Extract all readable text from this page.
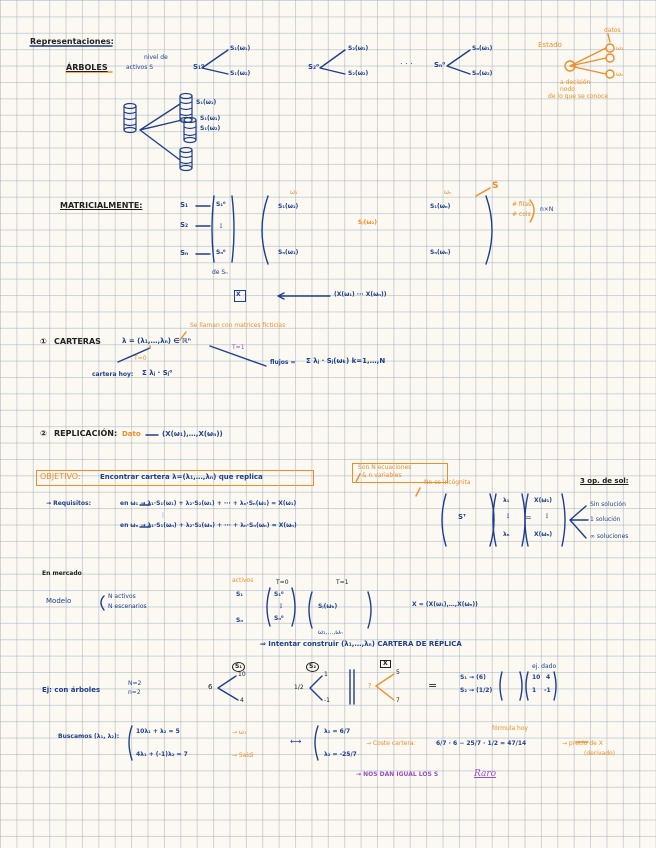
Representaciones:
ÁRBOLES
nivel de
activos S	S₁⁰
S₁(ω₁)
S₁(ω₂)
S₂⁰
S₂(ω₁)
S₂(ω₂)
. . .	Sₙ⁰
Sₙ(ω₁)
Sₙ(ω₂)
Estado
datos
ω₁
ωₙ
a decisión
nodo
de lo que se conoce
S₁(ω₁)
S₁(ω₁)
S₁(ω₂)
MATRICIALMENTE:	S₁
S₂
Sₙ
S₁⁰
⋮
Sₙ⁰
de Sₙ
ω₁	ωₙ
S
S₁(ω₁)	S₁(ωₙ)
Sⱼ(ω₂)
Sₙ(ω₁)	Sₙ(ωₙ)
# filas
# cols
n×N
X	(X(ω₁) ··· X(ωₙ))
① CARTERAS	λ = (λ₁,…,λₙ) ∈ ℝⁿ
Se llaman con matrices ficticias
T=0
T=1
cartera hoy: Σ λⱼ · Sⱼ⁰
flujos = Σ λⱼ · Sⱼ(ωₖ) k=1,…,N
② REPLICACIÓN: Dato	(X(ω₁),…,X(ωₙ))
OBJETIVO:	Encontrar cartera λ=(λ₁,…,λₙ) que replica
Son N ecuaciones
& n variables
No es incógnita
→ Requisitos:	en ω₁ → λ₁·S₁(ω₁) + λ₂·S₂(ω₁) + ··· + λₙ·Sₙ(ω₁) = X(ω₁)
⋮
en ωₙ → λ₁·S₁(ωₙ) + λ₂·S₂(ωₙ) + ··· + λₙ·Sₙ(ωₙ) = X(ωₙ)
Sᵀ
λ₁
⋮
λₙ
=
X(ω₁)
⋮
X(ωₙ)
3 op. de sol:
Sin solución
1 solución
∞ soluciones
En mercado
Modelo
N activos
N escenarios
activos	T=0	T=1
S₁
Sₙ
S₁⁰
⋮
Sₙ⁰
Sⱼ(ωₖ)
ω₁,…,ωₙ
X = (X(ω₁),…,X(ωₙ))
⇒ Intentar construir (λ₁,…,λₙ) CARTERA DE RÉPLICA
Ej: con árboles
N=2
n=2
S₁
6
10
4
S₂
1/2
1
-1
X
?
5
7
=
S₁ → (6)
S₂ → (1/2)
ej. dado
10 4
1 -1
Buscamos (λ₁, λ₂):
10λ₁ + λ₂ = 5	→ ω₁
4λ₁ + (-1)λ₂ = 7	→ Saidi
⟷
λ₁ = 6/7
λ₂ = -25/7
→ Coste cartera:	6/7 · 6 − 25/7 · 1/2 = 47/14
fórmula hoy
→ precio de X
(derivado)
→ NOS DAN IGUAL LOS S	Raro
